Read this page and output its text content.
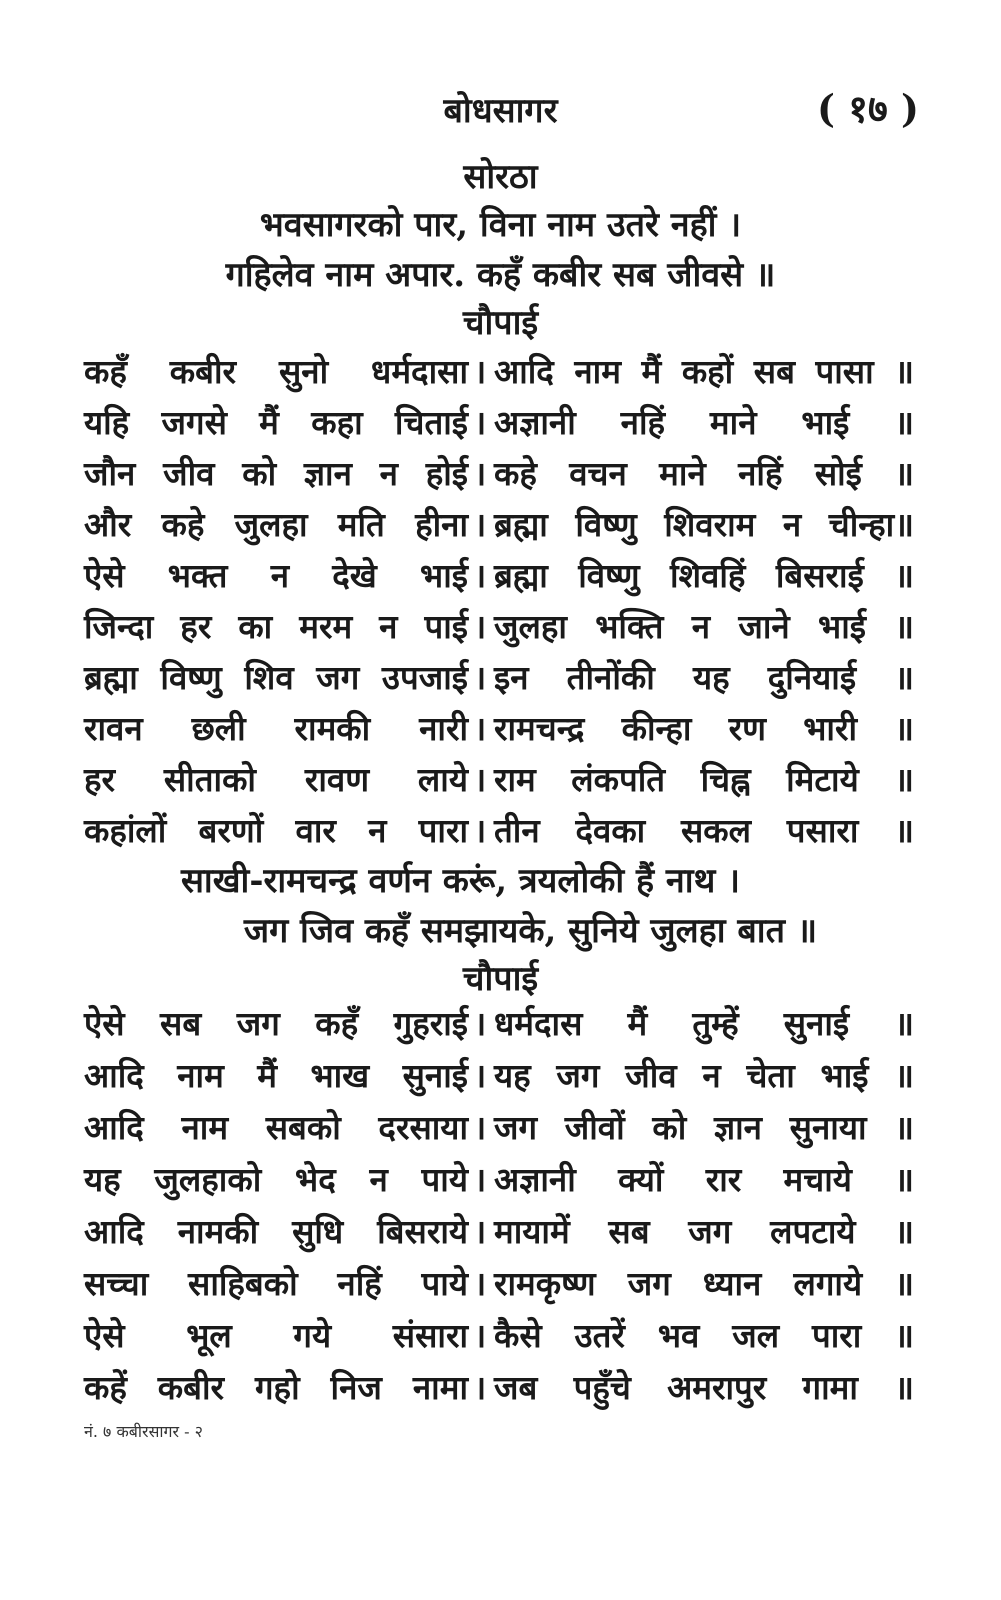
बोधसागर	( १७ )
सोरठा
भवसागरको पार, विना नाम उतरे नहीं ।
गहिलेव नाम अपार. कहँ कबीर सब जीवसे ॥
चौपाई
कहँ कबीर सुनो धर्मदासा । आदि नाम मैं कहों सब पासा ॥
यहि जगसे मैं कहा चिताई । अज्ञानी नहिं माने भाई ॥
जौन जीव को ज्ञान न होई । कहे वचन माने नहिं सोई ॥
और कहे जुलहा मति हीना । ब्रह्मा विष्णु शिवराम न चीन्हा॥
ऐसे भक्त न देखे भाई । ब्रह्मा विष्णु शिवहिं बिसराई ॥
जिन्दा हर का मरम न पाई । जुलहा भक्ति न जाने भाई ॥
ब्रह्मा विष्णु शिव जग उपजाई । इन तीनोंकी यह दुनियाई ॥
रावन छली रामकी नारी । रामचन्द्र कीन्हा रण भारी ॥
हर सीताको रावण लाये । राम लंकपति चिह्न मिटाये ॥
कहांलों बरणों वार न पारा । तीन देवका सकल पसारा ॥
साखी-रामचन्द्र वर्णन करूं, त्रयलोकी हैं नाथ ।
जग जिव कहँ समझायके, सुनिये जुलहा बात ॥
चौपाई
ऐसे सब जग कहँ गुहराई । धर्मदास मैं तुम्हें सुनाई ॥
आदि नाम मैं भाख सुनाई । यह जग जीव न चेता भाई ॥
आदि नाम सबको दरसाया । जग जीवों को ज्ञान सुनाया ॥
यह जुलहाको भेद न पाये । अज्ञानी क्यों रार मचाये ॥
आदि नामकी सुधि बिसराये । मायामें सब जग लपटाये ॥
सच्चा साहिबको नहिं पाये । रामकृष्ण जग ध्यान लगाये ॥
ऐसे भूल गये संसारा । कैसे उतरें भव जल पारा ॥
कहें कबीर गहो निज नामा । जब पहुँचे अमरापुर गामा ॥
नं. ७ कबीरसागर - २
